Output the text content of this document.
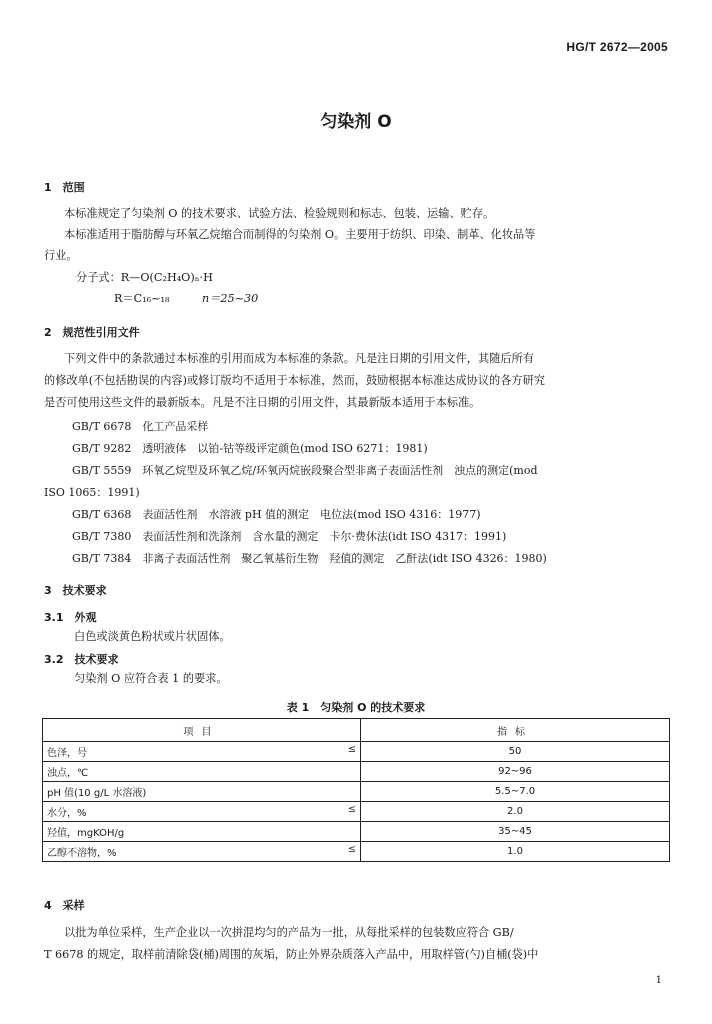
HG/T 2672—2005
匀染剂 O
1　范围
本标准规定了匀染剂 O 的技术要求、试验方法、检验规则和标志、包装、运输、贮存。
本标准适用于脂肪醇与环氧乙烷缩合而制得的匀染剂 O。主要用于纺织、印染、制革、化妆品等
行业。
分子式：R—O(C₂H₄O)ₙ·H
R＝C₁₆~₁₈	n＝25~30
2　规范性引用文件
下列文件中的条款通过本标准的引用而成为本标准的条款。凡是注日期的引用文件，其随后所有
的修改单(不包括勘误的内容)或修订版均不适用于本标准，然而，鼓励根据本标准达成协议的各方研究
是否可使用这些文件的最新版本。凡是不注日期的引用文件，其最新版本适用于本标准。
GB/T 6678　化工产品采样
GB/T 9282　透明液体　以铂-钴等级评定颜色(mod ISO 6271：1981)
GB/T 5559　环氧乙烷型及环氧乙烷/环氧丙烷嵌段聚合型非离子表面活性剂　浊点的测定(mod
ISO 1065：1991)
GB/T 6368　表面活性剂　水溶液 pH 值的测定　电位法(mod ISO 4316：1977)
GB/T 7380　表面活性剂和洗涤剂　含水量的测定　卡尔·费休法(idt ISO 4317：1991)
GB/T 7384　非离子表面活性剂　聚乙氧基衍生物　羟值的测定　乙酐法(idt ISO 4326：1980)
3　技术要求
3.1　外观
白色或淡黄色粉状或片状固体。
3.2　技术要求
匀染剂 O 应符合表 1 的要求。
表 1　匀染剂 O 的技术要求
项目	指标
色泽，号 ≤	50
浊点，℃	92~96
pH 值(10 g/L 水溶液)	5.5~7.0
水分，% ≤	2.0
羟值，mgKOH/g	35~45
乙醇不溶物，% ≤	1.0
4　采样
以批为单位采样，生产企业以一次拼混均匀的产品为一批，从每批采样的包装数应符合 GB/
T 6678 的规定，取样前清除袋(桶)周围的灰垢，防止外界杂质落入产品中，用取样管(勺)自桶(袋)中
1
